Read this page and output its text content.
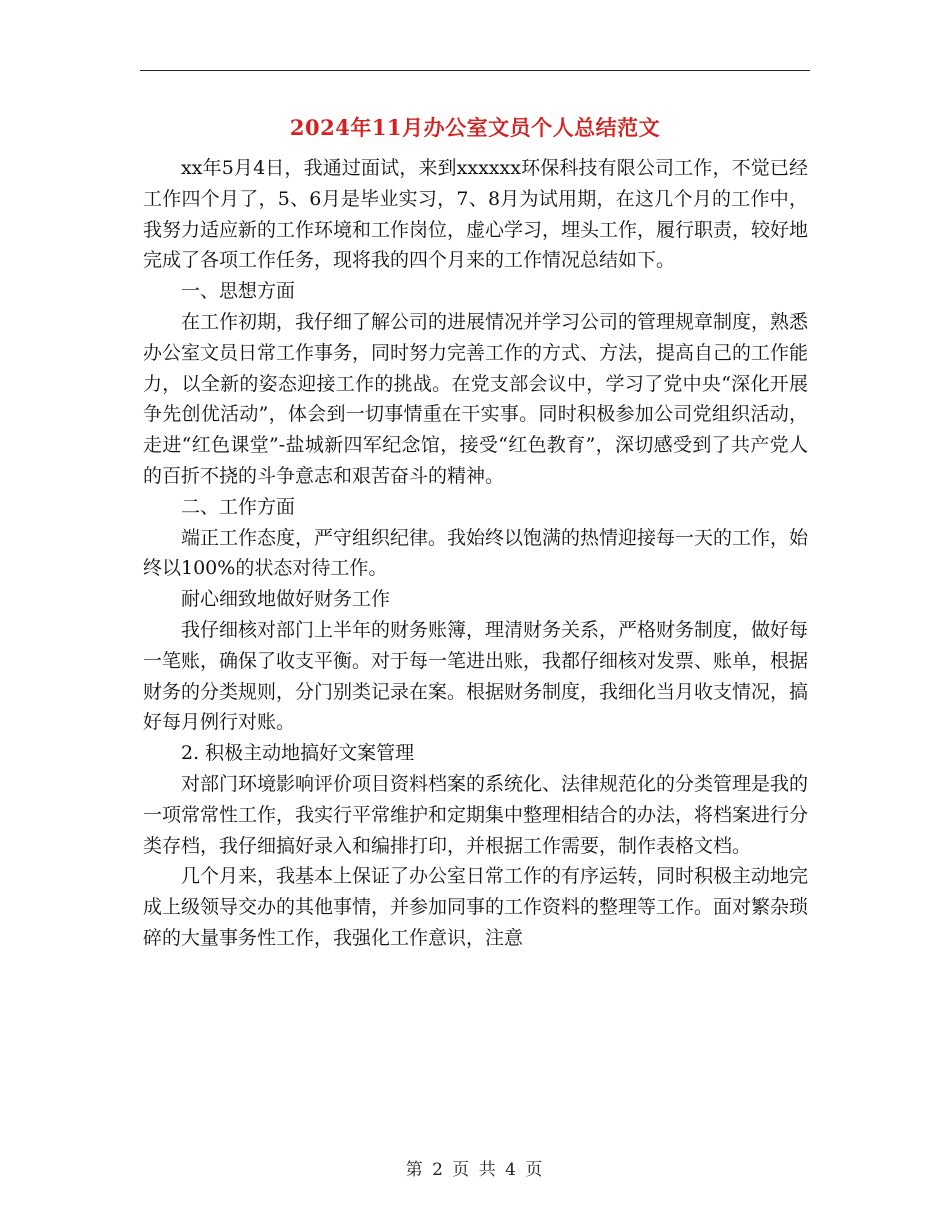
2024年11月办公室文员个人总结范文

xx年5月4日，我通过面试，来到xxxxxx环保科技有限公司工作，不觉已经工作四个月了，5、6月是毕业实习，7、8月为试用期，在这几个月的工作中，我努力适应新的工作环境和工作岗位，虚心学习，埋头工作，履行职责，较好地完成了各项工作任务，现将我的四个月来的工作情况总结如下。

一、思想方面

在工作初期，我仔细了解公司的进展情况并学习公司的管理规章制度，熟悉办公室文员日常工作事务，同时努力完善工作的方式、方法，提高自己的工作能力，以全新的姿态迎接工作的挑战。在党支部会议中，学习了党中央“深化开展争先创优活动”，体会到一切事情重在干实事。同时积极参加公司党组织活动，走进“红色课堂”-盐城新四军纪念馆，接受“红色教育”，深切感受到了共产党人的百折不挠的斗争意志和艰苦奋斗的精神。

二、工作方面

端正工作态度，严守组织纪律。我始终以饱满的热情迎接每一天的工作，始终以100%的状态对待工作。

耐心细致地做好财务工作

我仔细核对部门上半年的财务账簿，理清财务关系，严格财务制度，做好每一笔账，确保了收支平衡。对于每一笔进出账，我都仔细核对发票、账单，根据财务的分类规则，分门别类记录在案。根据财务制度，我细化当月收支情况，搞好每月例行对账。

2. 积极主动地搞好文案管理

对部门环境影响评价项目资料档案的系统化、法律规范化的分类管理是我的一项常常性工作，我实行平常维护和定期集中整理相结合的办法，将档案进行分类存档，我仔细搞好录入和编排打印，并根据工作需要，制作表格文档。

几个月来，我基本上保证了办公室日常工作的有序运转，同时积极主动地完成上级领导交办的其他事情，并参加同事的工作资料的整理等工作。面对繁杂琐碎的大量事务性工作，我强化工作意识，注意

第 2 页 共 4 页
